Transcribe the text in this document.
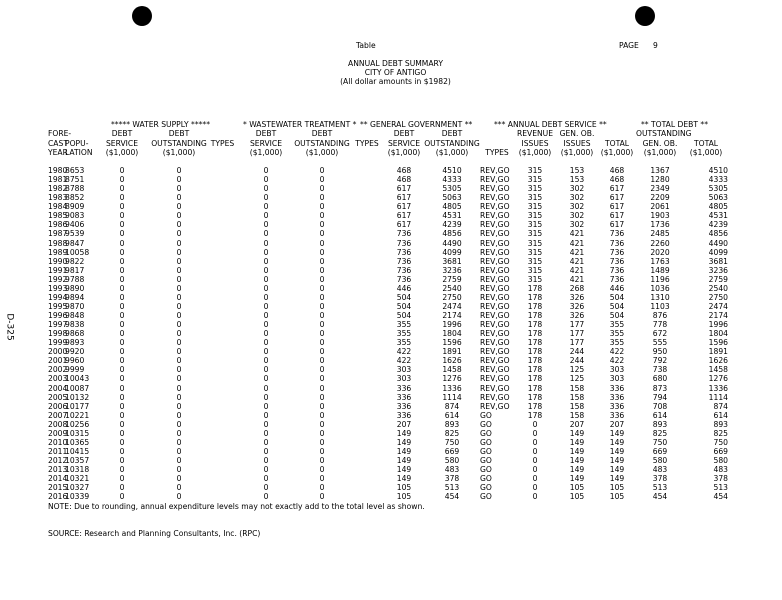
Table	PAGE 9
ANNUAL DEBT SUMMARY
CITY OF ANTIGO
(All dollar amounts in $1982)
D-325
***** WATER SUPPLY *****	* WASTEWATER TREATMENT * ** GENERAL GOVERNMENT **	*** ANNUAL DEBT SERVICE **	** TOTAL DEBT **
FORE-		DEBT	DEBT		DEBT	DEBT		DEBT	DEBT		REVENUE	GEN. OB.		OUTSTANDING	
CAST	POPU-	SERVICE	OUTSTANDING	TYPES	SERVICE	OUTSTANDING	TYPES	SERVICE	OUTSTANDING		ISSUES	ISSUES	TOTAL	GEN. OB.	TOTAL
YEAR	LATION	($1,000)	($1,000)		($1,000)	($1,000)		($1,000)	($1,000)	TYPES	($1,000)	($1,000)	($1,000)	($1,000)	($1,000)
1980	8653	0	0		0	0		468	4510	REV,GO	315	153	468	1367	4510
1981	8751	0	0		0	0		468	4333	REV,GO	315	153	468	1280	4333
1982	8788	0	0		0	0		617	5305	REV,GO	315	302	617	2349	5305
1983	8852	0	0		0	0		617	5063	REV,GO	315	302	617	2209	5063
1984	8909	0	0		0	0		617	4805	REV,GO	315	302	617	2061	4805
1985	9083	0	0		0	0		617	4531	REV,GO	315	302	617	1903	4531
1986	9406	0	0		0	0		617	4239	REV,GO	315	302	617	1736	4239
1987	9539	0	0		0	0		736	4856	REV,GO	315	421	736	2485	4856
1988	9847	0	0		0	0		736	4490	REV,GO	315	421	736	2260	4490
1989	10058	0	0		0	0		736	4099	REV,GO	315	421	736	2020	4099
1990	9822	0	0		0	0		736	3681	REV,GO	315	421	736	1763	3681
1991	9817	0	0		0	0		736	3236	REV,GO	315	421	736	1489	3236
1992	9788	0	0		0	0		736	2759	REV,GO	315	421	736	1196	2759
1993	9890	0	0		0	0		446	2540	REV,GO	178	268	446	1036	2540
1994	9894	0	0		0	0		504	2750	REV,GO	178	326	504	1310	2750
1995	9870	0	0		0	0		504	2474	REV,GO	178	326	504	1103	2474
1996	9848	0	0		0	0		504	2174	REV,GO	178	326	504	876	2174
1997	9838	0	0		0	0		355	1996	REV,GO	178	177	355	778	1996
1998	9868	0	0		0	0		355	1804	REV,GO	178	177	355	672	1804
1999	9893	0	0		0	0		355	1596	REV,GO	178	177	355	555	1596
2000	9920	0	0		0	0		422	1891	REV,GO	178	244	422	950	1891
2001	9960	0	0		0	0		422	1626	REV,GO	178	244	422	792	1626
2002	9999	0	0		0	0		303	1458	REV,GO	178	125	303	738	1458
2003	10043	0	0		0	0		303	1276	REV,GO	178	125	303	680	1276
2004	10087	0	0		0	0		336	1336	REV,GO	178	158	336	873	1336
2005	10132	0	0		0	0		336	1114	REV,GO	178	158	336	794	1114
2006	10177	0	0		0	0		336	874	REV,GO	178	158	336	708	874
2007	10221	0	0		0	0		336	614	GO	178	158	336	614	614
2008	10256	0	0		0	0		207	893	GO	0	207	207	893	893
2009	10315	0	0		0	0		149	825	GO	0	149	149	825	825
2010	10365	0	0		0	0		149	750	GO	0	149	149	750	750
2011	10415	0	0		0	0		149	669	GO	0	149	149	669	669
2012	10357	0	0		0	0		149	580	GO	0	149	149	580	580
2013	10318	0	0		0	0		149	483	GO	0	149	149	483	483
2014	10321	0	0		0	0		149	378	GO	0	149	149	378	378
2015	10327	0	0		0	0		105	513	GO	0	105	105	513	513
2016	10339	0	0		0	0		105	454	GO	0	105	105	454	454
NOTE: Due to rounding, annual expenditure levels may not exactly add to the total level as shown.
SOURCE: Research and Planning Consultants, Inc. (RPC)
